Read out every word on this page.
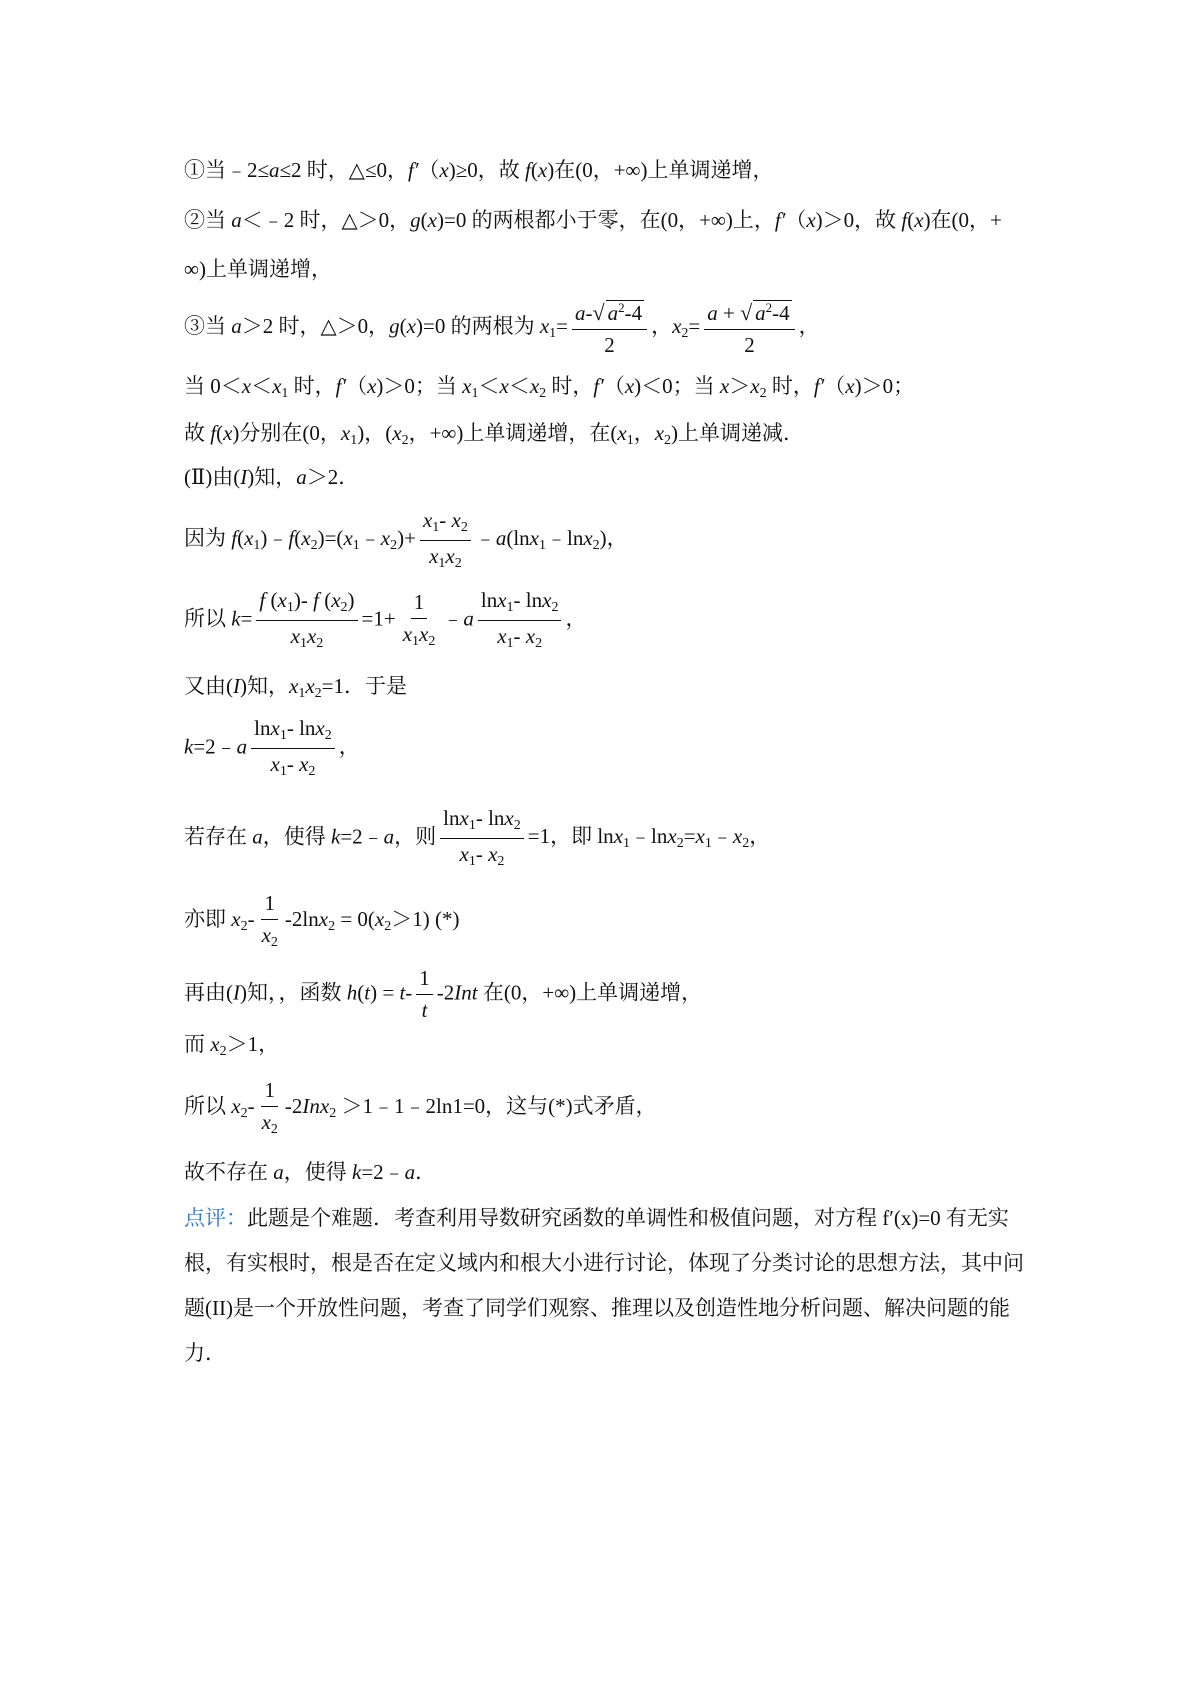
①当﹣2≤a≤2 时，△≤0，f′（x)≥0，故 f(x)在(0，+∞)上单调递增，
②当 a＜﹣2 时，△＞0，g(x)=0 的两根都小于零，在(0，+∞)上，f′（x)＞0，故 f(x)在(0，+
∞)上单调递增，
③当 a＞2 时，△＞0，g(x)=0 的两根为 $x_1= \frac{a-√ a^2-4}{2}$ ，$x_2= \frac{a + √ a^2-4}{2}$ ，
当 $0<x<x_1$ 时，f′（x)＞0；当 $x_1<x<x_2$ 时，f′（x)＜0；当 $x>x_2$ 时，f′（x)＞0；
故 f(x)分别在(0，$x_1$)，($x_2$，+∞)上单调递增，在($x_1$，$x_2$)上单调递减．
(Ⅱ)由(I)知，a＞2．
因为 $f(x_1)﹣f(x_2)=(x_1﹣x_2)+ \frac{x_1- x_2}{x_1x_2}$ ﹣a(lnx$_1$﹣lnx$_2$)，
所以 $k= \frac{f (x_1)- f (x_2)}{x_1x_2} =1+ \frac{1}{x_1x_2}$ ﹣a $\frac{\ln x_1- \ln x_2}{x_1- x_2}$ ，
又由(I)知，$x_1x_2=1$．于是
k=2﹣a $\frac{\ln x_1- \ln x_2}{x_1- x_2}$ ，
若存在 a，使得 k=2﹣a，则 $\frac{\ln x_1- \ln x_2}{x_1- x_2} =1$，即 $\ln x_1﹣\ln x_2=x_1﹣x_2$，
亦即 $x_2- \frac{1}{x_2} -2\ln x_2 = 0(x_2>1)$ (*)
再由(I)知，，函数 $h(t) = t- \frac{1}{t} -2Int$ 在(0，+∞)上单调递增，
而 $x_2>1$，
所以 $x_2- \frac{1}{x_2} -2Inx_2$ ＞1﹣1﹣2ln1=0，这与(*)式矛盾，
故不存在 a，使得 k=2﹣a．
点评：此题是个难题．考查利用导数研究函数的单调性和极值问题，对方程 f′(x)=0 有无实
根，有实根时，根是否在定义域内和根大小进行讨论，体现了分类讨论的思想方法，其中问
题(II)是一个开放性问题，考查了同学们观察、推理以及创造性地分析问题、解决问题的能
力．
